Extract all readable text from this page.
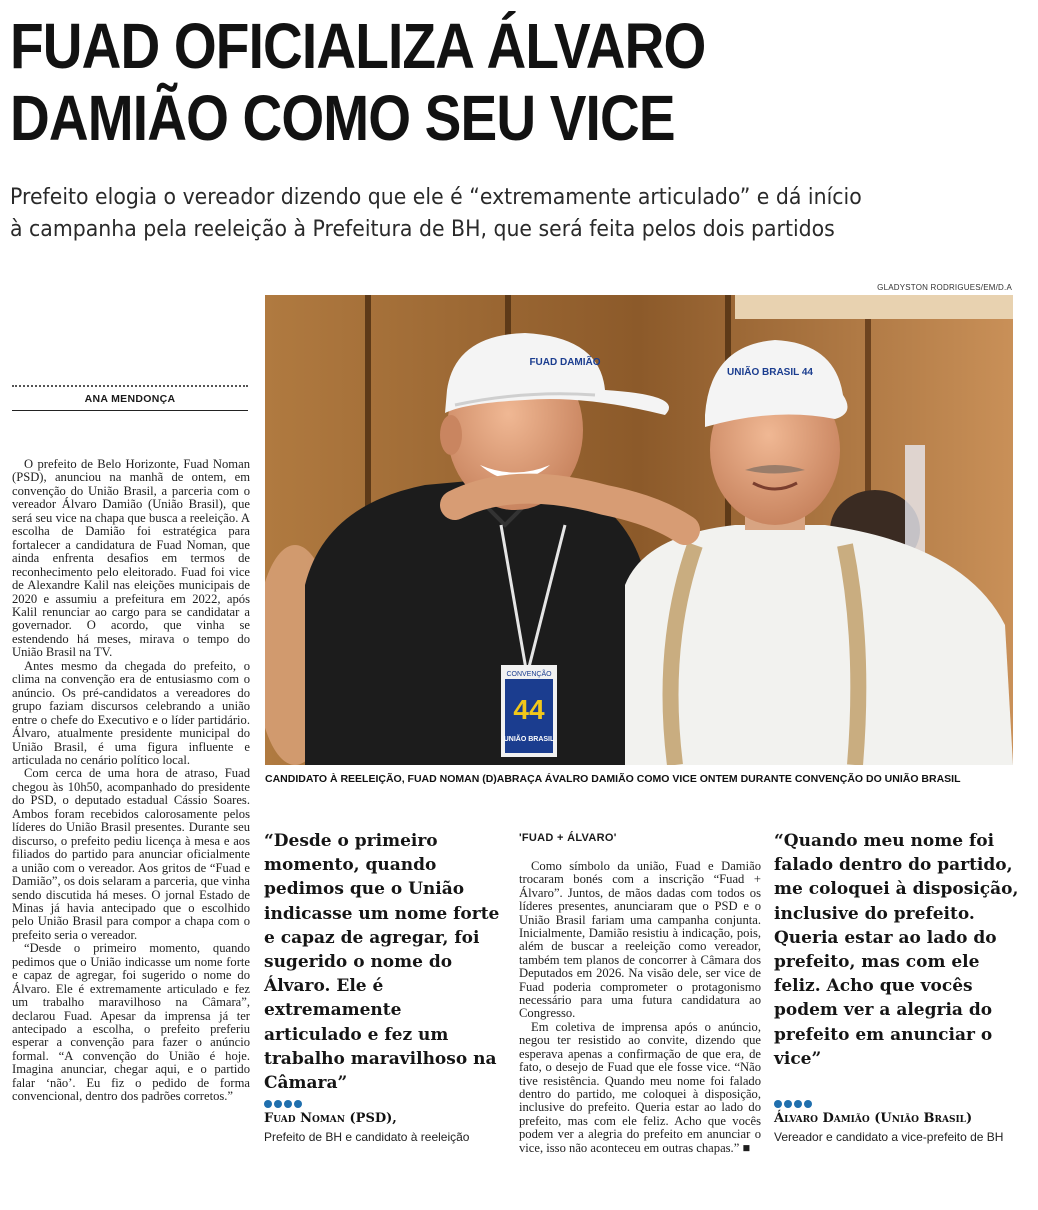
FUAD OFICIALIZA ÁLVARO
DAMIÃO COMO SEU VICE
Prefeito elogia o vereador dizendo que ele é “extremamente articulado” e dá início
à campanha pela reeleição à Prefeitura de BH, que será feita pelos dois partidos
GLADYSTON RODRIGUES/EM/D.A
CONVENÇÃO
44
UNIÃO BRASIL
UNIÃO BRASIL 44
FUAD DAMIÃO
CANDIDATO À REELEIÇÃO, FUAD NOMAN (D)ABRAÇA ÁVALRO DAMIÃO COMO VICE ONTEM DURANTE CONVENÇÃO DO UNIÃO BRASIL
ANA MENDONÇA

O prefeito de Belo Horizonte, Fuad Noman (PSD), anunciou na manhã de ontem, em convenção do União Brasil, a parceria com o vereador Álvaro Damião (União Brasil), que será seu vice na chapa que busca a reeleição. A escolha de Damião foi estratégica para fortalecer a candidatura de Fuad Noman, que ainda enfrenta desafios em termos de reconhecimento pelo eleitorado. Fuad foi vice de Alexandre Kalil nas eleições municipais de 2020 e assumiu a prefeitura em 2022, após Kalil renunciar ao cargo para se candidatar a governador. O acordo, que vinha se estendendo há meses, mirava o tempo do União Brasil na TV.

Antes mesmo da chegada do prefeito, o clima na convenção era de entusiasmo com o anúncio. Os pré-candidatos a vereadores do grupo faziam discursos celebrando a união entre o chefe do Executivo e o líder partidário. Álvaro, atualmente presidente municipal do União Brasil, é uma figura influente e articulada no cenário político local.

Com cerca de uma hora de atraso, Fuad chegou às 10h50, acompanhado do presidente do PSD, o deputado estadual Cássio Soares. Ambos foram recebidos calorosamente pelos líderes do União Brasil presentes. Durante seu discurso, o prefeito pediu licença à mesa e aos filiados do partido para anunciar oficialmente a união com o vereador. Aos gritos de “Fuad e Damião”, os dois selaram a parceria, que vinha sendo discutida há meses. O jornal Estado de Minas já havia antecipado que o escolhido pelo União Brasil para compor a chapa com o prefeito seria o vereador.

“Desde o primeiro momento, quando pedimos que o União indicasse um nome forte e capaz de agregar, foi sugerido o nome do Álvaro. Ele é extremamente articulado e fez um trabalho maravilhoso na Câmara”, declarou Fuad. Apesar da imprensa já ter antecipado a escolha, o prefeito preferiu esperar a convenção para fazer o anúncio formal. “A convenção do União é hoje. Imagina anunciar, chegar aqui, e o partido falar ‘não’. Eu fiz o pedido de forma convencional, dentro dos padrões corretos.”

“Desde o primeiro momento, quando pedimos que o União indicasse um nome forte e capaz de agregar, foi sugerido o nome do Álvaro. Ele é extremamente articulado e fez um trabalho maravilhoso na Câmara”

Fuad Noman (PSD),
Prefeito de BH e candidato à reeleição
'FUAD + ÁLVARO'

Como símbolo da união, Fuad e Damião trocaram bonés com a inscrição “Fuad + Álvaro”. Juntos, de mãos dadas com todos os líderes presentes, anunciaram que o PSD e o União Brasil fariam uma campanha conjunta. Inicialmente, Damião resistiu à indicação, pois, além de buscar a reeleição como vereador, também tem planos de concorrer à Câmara dos Deputados em 2026. Na visão dele, ser vice de Fuad poderia comprometer o protagonismo necessário para uma futura candidatura ao Congresso.

Em coletiva de imprensa após o anúncio, negou ter resistido ao convite, dizendo que esperava apenas a confirmação de que era, de fato, o desejo de Fuad que ele fosse vice. “Não tive resistência. Quando meu nome foi falado dentro do partido, me coloquei à disposição, inclusive do prefeito. Queria estar ao lado do prefeito, mas com ele feliz. Acho que vocês podem ver a alegria do prefeito em anunciar o vice, isso não aconteceu em outras chapas.” ■

“Quando meu nome foi falado dentro do partido, me coloquei à disposição, inclusive do prefeito. Queria estar ao lado do prefeito, mas com ele feliz. Acho que vocês podem ver a alegria do prefeito em anunciar o vice”

Álvaro Damião (União Brasil)
Vereador e candidato a vice-prefeito de BH
